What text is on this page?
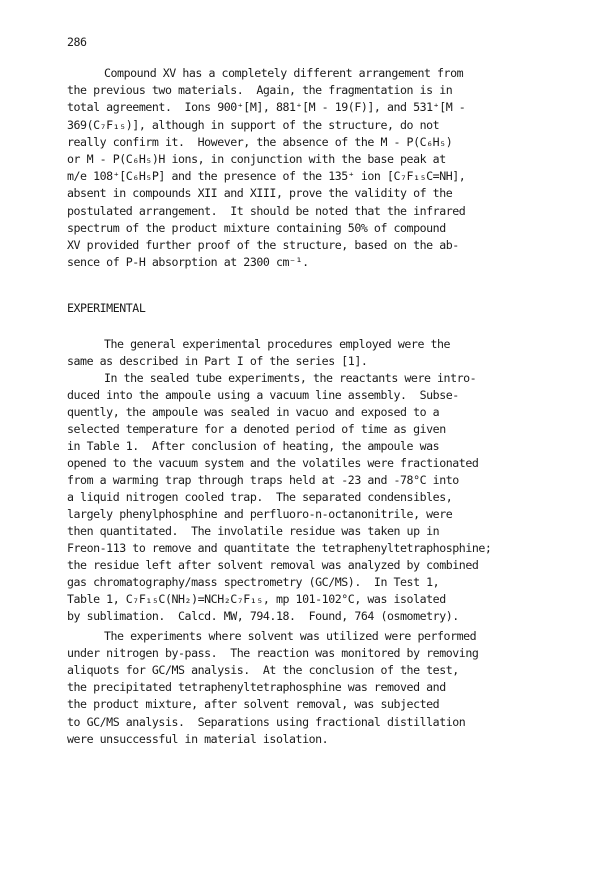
286
Compound XV has a completely different arrangement from
the previous two materials.  Again, the fragmentation is in
total agreement.  Ions 900⁺[M], 881⁺[M - 19(F)], and 531⁺[M -
369(C₇F₁₅)], although in support of the structure, do not
really confirm it.  However, the absence of the M - P(C₆H₅)
or M - P(C₆H₅)H ions, in conjunction with the base peak at
m/e 108⁺[C₆H₅P] and the presence of the 135⁺ ion [C₇F₁₅C=NH],
absent in compounds XII and XIII, prove the validity of the
postulated arrangement.  It should be noted that the infrared
spectrum of the product mixture containing 50% of compound
XV provided further proof of the structure, based on the ab-
sence of P-H absorption at 2300 cm⁻¹.
EXPERIMENTAL
The general experimental procedures employed were the
same as described in Part I of the series [1].
In the sealed tube experiments, the reactants were intro-
duced into the ampoule using a vacuum line assembly.  Subse-
quently, the ampoule was sealed in vacuo and exposed to a
selected temperature for a denoted period of time as given
in Table 1.  After conclusion of heating, the ampoule was
opened to the vacuum system and the volatiles were fractionated
from a warming trap through traps held at -23 and -78°C into
a liquid nitrogen cooled trap.  The separated condensibles,
largely phenylphosphine and perfluoro-n-octanonitrile, were
then quantitated.  The involatile residue was taken up in
Freon-113 to remove and quantitate the tetraphenyltetraphosphine;
the residue left after solvent removal was analyzed by combined
gas chromatography/mass spectrometry (GC/MS).  In Test 1,
Table 1, C₇F₁₅C(NH₂)=NCH₂C₇F₁₅, mp 101-102°C, was isolated
by sublimation.  Calcd. MW, 794.18.  Found, 764 (osmometry).
The experiments where solvent was utilized were performed
under nitrogen by-pass.  The reaction was monitored by removing
aliquots for GC/MS analysis.  At the conclusion of the test,
the precipitated tetraphenyltetraphosphine was removed and
the product mixture, after solvent removal, was subjected
to GC/MS analysis.  Separations using fractional distillation
were unsuccessful in material isolation.
